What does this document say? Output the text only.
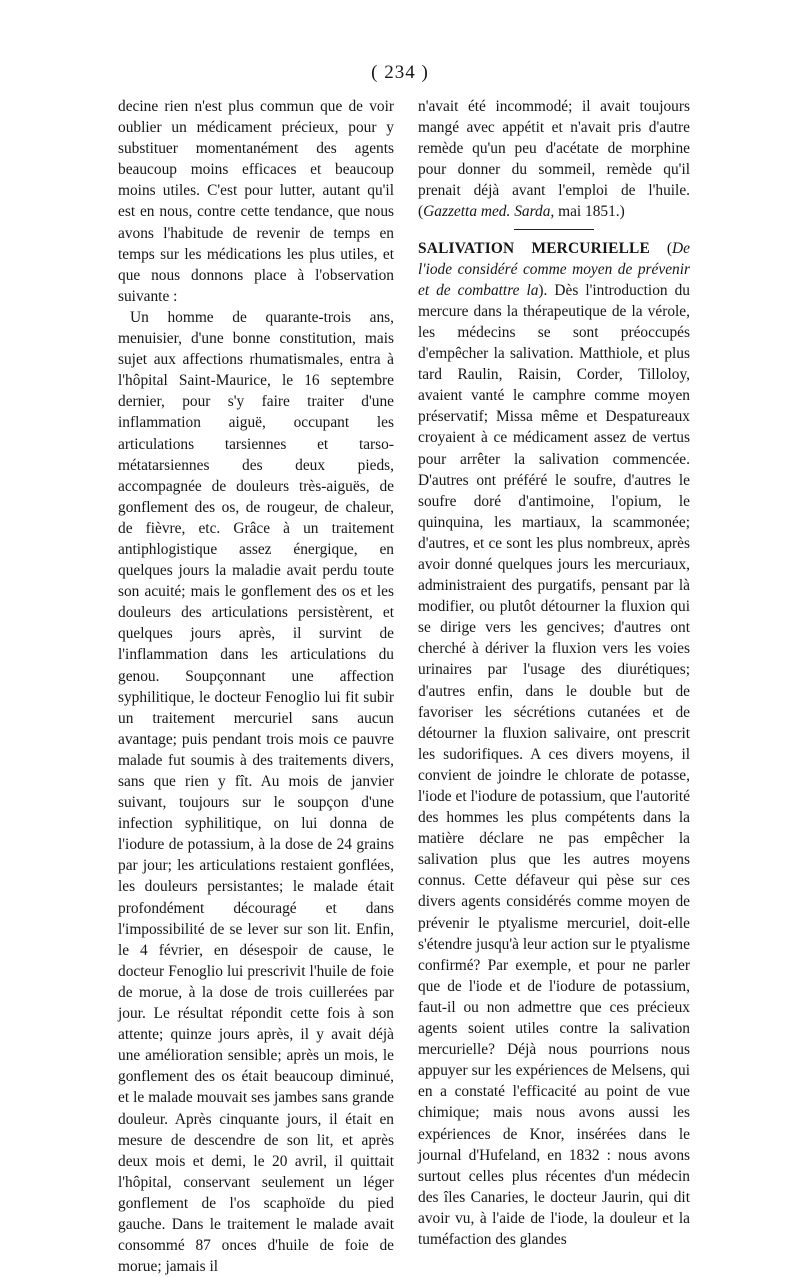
( 234 )

decine rien n'est plus commun que de voir oublier un médicament précieux, pour y substituer momentanément des agents beaucoup moins efficaces et beaucoup moins utiles. C'est pour lutter, autant qu'il est en nous, contre cette tendance, que nous avons l'habitude de revenir de temps en temps sur les médications les plus utiles, et que nous donnons place à l'observation suivante :

Un homme de quarante-trois ans, menuisier, d'une bonne constitution, mais sujet aux affections rhumatismales, entra à l'hôpital Saint-Maurice, le 16 septembre dernier, pour s'y faire traiter d'une inflammation aiguë, occupant les articulations tarsiennes et tarso-métatarsiennes des deux pieds, accompagnée de douleurs très-aiguës, de gonflement des os, de rougeur, de chaleur, de fièvre, etc. Grâce à un traitement antiphlogistique assez énergique, en quelques jours la maladie avait perdu toute son acuité; mais le gonflement des os et les douleurs des articulations persistèrent, et quelques jours après, il survint de l'inflammation dans les articulations du genou. Soupçonnant une affection syphilitique, le docteur Fenoglio lui fit subir un traitement mercuriel sans aucun avantage; puis pendant trois mois ce pauvre malade fut soumis à des traitements divers, sans que rien y fît. Au mois de janvier suivant, toujours sur le soupçon d'une infection syphilitique, on lui donna de l'iodure de potassium, à la dose de 24 grains par jour; les articulations restaient gonflées, les douleurs persistantes; le malade était profondément découragé et dans l'impossibilité de se lever sur son lit. Enfin, le 4 février, en désespoir de cause, le docteur Fenoglio lui prescrivit l'huile de foie de morue, à la dose de trois cuillerées par jour. Le résultat répondit cette fois à son attente; quinze jours après, il y avait déjà une amélioration sensible; après un mois, le gonflement des os était beaucoup diminué, et le malade mouvait ses jambes sans grande douleur. Après cinquante jours, il était en mesure de descendre de son lit, et après deux mois et demi, le 20 avril, il quittait l'hôpital, conservant seulement un léger gonflement de l'os scaphoïde du pied gauche. Dans le traitement le malade avait consommé 87 onces d'huile de foie de morue; jamais il

n'avait été incommodé; il avait toujours mangé avec appétit et n'avait pris d'autre remède qu'un peu d'acétate de morphine pour donner du sommeil, remède qu'il prenait déjà avant l'emploi de l'huile. (Gazzetta med. Sarda, mai 1851.)

SALIVATION MERCURIELLE (De l'iode considéré comme moyen de prévenir et de combattre la). Dès l'introduction du mercure dans la thérapeutique de la vérole, les médecins se sont préoccupés d'empêcher la salivation. Matthiole, et plus tard Raulin, Raisin, Corder, Tilloloy, avaient vanté le camphre comme moyen préservatif; Missa même et Despatureaux croyaient à ce médicament assez de vertus pour arrêter la salivation commencée. D'autres ont préféré le soufre, d'autres le soufre doré d'antimoine, l'opium, le quinquina, les martiaux, la scammonée; d'autres, et ce sont les plus nombreux, après avoir donné quelques jours les mercuriaux, administraient des purgatifs, pensant par là modifier, ou plutôt détourner la fluxion qui se dirige vers les gencives; d'autres ont cherché à dériver la fluxion vers les voies urinaires par l'usage des diurétiques; d'autres enfin, dans le double but de favoriser les sécrétions cutanées et de détourner la fluxion salivaire, ont prescrit les sudorifiques. A ces divers moyens, il convient de joindre le chlorate de potasse, l'iode et l'iodure de potassium, que l'autorité des hommes les plus compétents dans la matière déclare ne pas empêcher la salivation plus que les autres moyens connus. Cette défaveur qui pèse sur ces divers agents considérés comme moyen de prévenir le ptyalisme mercuriel, doit-elle s'étendre jusqu'à leur action sur le ptyalisme confirmé? Par exemple, et pour ne parler que de l'iode et de l'iodure de potassium, faut-il ou non admettre que ces précieux agents soient utiles contre la salivation mercurielle? Déjà nous pourrions nous appuyer sur les expériences de Melsens, qui en a constaté l'efficacité au point de vue chimique; mais nous avons aussi les expériences de Knor, insérées dans le journal d'Hufeland, en 1832 : nous avons surtout celles plus récentes d'un médecin des îles Canaries, le docteur Jaurin, qui dit avoir vu, à l'aide de l'iode, la douleur et la tuméfaction des glandes
